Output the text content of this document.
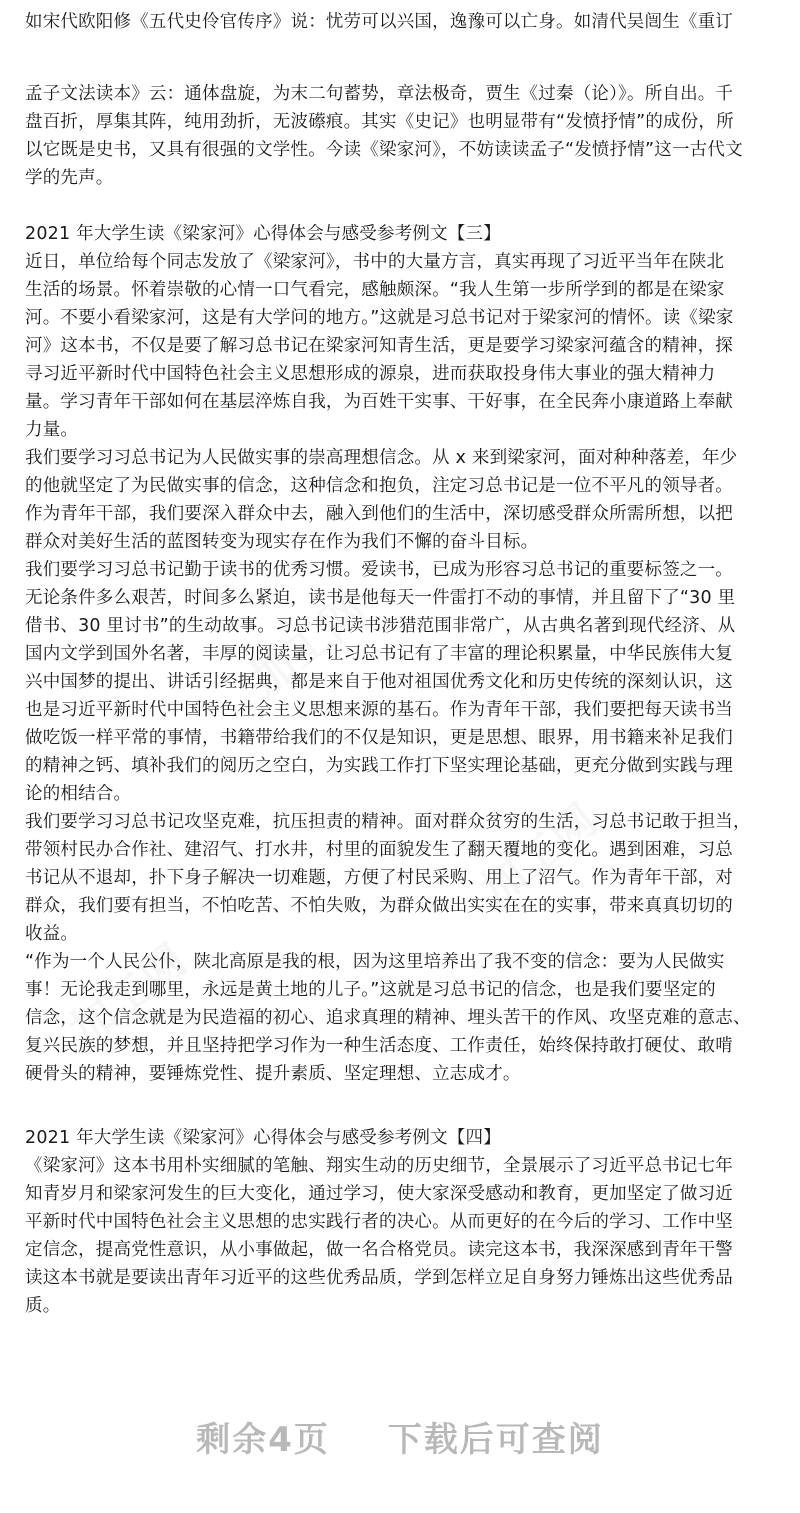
如宋代欧阳修《五代史伶官传序》说：忧劳可以兴国，逸豫可以亡身。如清代吴闿生《重订
孟子文法读本》云：通体盘旋，为末二句蓄势，章法极奇，贾生《过秦（论）》。所自出。千
盘百折，厚集其阵，纯用劲折，无波礤痕。其实《史记》也明显带有“发愤抒情”的成份，所
以它既是史书，又具有很强的文学性。今读《梁家河》，不妨读读孟子“发愤抒情”这一古代文
学的先声。
2021 年大学生读《梁家河》心得体会与感受参考例文【三】
近日，单位给每个同志发放了《梁家河》，书中的大量方言，真实再现了习近平当年在陕北
生活的场景。怀着崇敬的心情一口气看完，感触颇深。“我人生第一步所学到的都是在梁家
河。不要小看梁家河，这是有大学问的地方。”这就是习总书记对于梁家河的情怀。读《梁家
河》这本书，不仅是要了解习总书记在梁家河知青生活，更是要学习梁家河蕴含的精神，探
寻习近平新时代中国特色社会主义思想形成的源泉，进而获取投身伟大事业的强大精神力
量。学习青年干部如何在基层淬炼自我，为百姓干实事、干好事，在全民奔小康道路上奉献
力量。
我们要学习习总书记为人民做实事的崇高理想信念。从 x 来到梁家河，面对种种落差，年少
的他就坚定了为民做实事的信念，这种信念和抱负，注定习总书记是一位不平凡的领导者。
作为青年干部，我们要深入群众中去，融入到他们的生活中，深切感受群众所需所想，以把
群众对美好生活的蓝图转变为现实存在作为我们不懈的奋斗目标。
我们要学习习总书记勤于读书的优秀习惯。爱读书，已成为形容习总书记的重要标签之一。
无论条件多么艰苦，时间多么紧迫，读书是他每天一件雷打不动的事情，并且留下了“30 里
借书、30 里讨书”的生动故事。习总书记读书涉猎范围非常广，从古典名著到现代经济、从
国内文学到国外名著，丰厚的阅读量，让习总书记有了丰富的理论积累量，中华民族伟大复
兴中国梦的提出、讲话引经据典，都是来自于他对祖国优秀文化和历史传统的深刻认识，这
也是习近平新时代中国特色社会主义思想来源的基石。作为青年干部，我们要把每天读书当
做吃饭一样平常的事情，书籍带给我们的不仅是知识，更是思想、眼界，用书籍来补足我们
的精神之钙、填补我们的阅历之空白，为实践工作打下坚实理论基础，更充分做到实践与理
论的相结合。
我们要学习习总书记攻坚克难，抗压担责的精神。面对群众贫穷的生活，习总书记敢于担当，
带领村民办合作社、建沼气、打水井，村里的面貌发生了翻天覆地的变化。遇到困难，习总
书记从不退却，扑下身子解决一切难题，方便了村民采购、用上了沼气。作为青年干部，对
群众，我们要有担当，不怕吃苦、不怕失败，为群众做出实实在在的实事，带来真真切切的
收益。
“作为一个人民公仆，陕北高原是我的根，因为这里培养出了我不变的信念：要为人民做实
事！无论我走到哪里，永远是黄土地的儿子。”这就是习总书记的信念，也是我们要坚定的
信念，这个信念就是为民造福的初心、追求真理的精神、埋头苦干的作风、攻坚克难的意志、
复兴民族的梦想，并且坚持把学习作为一种生活态度、工作责任，始终保持敢打硬仗、敢啃
硬骨头的精神，要锤炼党性、提升素质、坚定理想、立志成才。
2021 年大学生读《梁家河》心得体会与感受参考例文【四】
《梁家河》这本书用朴实细腻的笔触、翔实生动的历史细节，全景展示了习近平总书记七年
知青岁月和梁家河发生的巨大变化，通过学习，使大家深受感动和教育，更加坚定了做习近
平新时代中国特色社会主义思想的忠实践行者的决心。从而更好的在今后的学习、工作中坚
定信念，提高党性意识，从小事做起，做一名合格党员。读完这本书，我深深感到青年干警
读这本书就是要读出青年习近平的这些优秀品质，学到怎样立足自身努力锤炼出这些优秀品
质。
剩余4页 下载后可查阅
